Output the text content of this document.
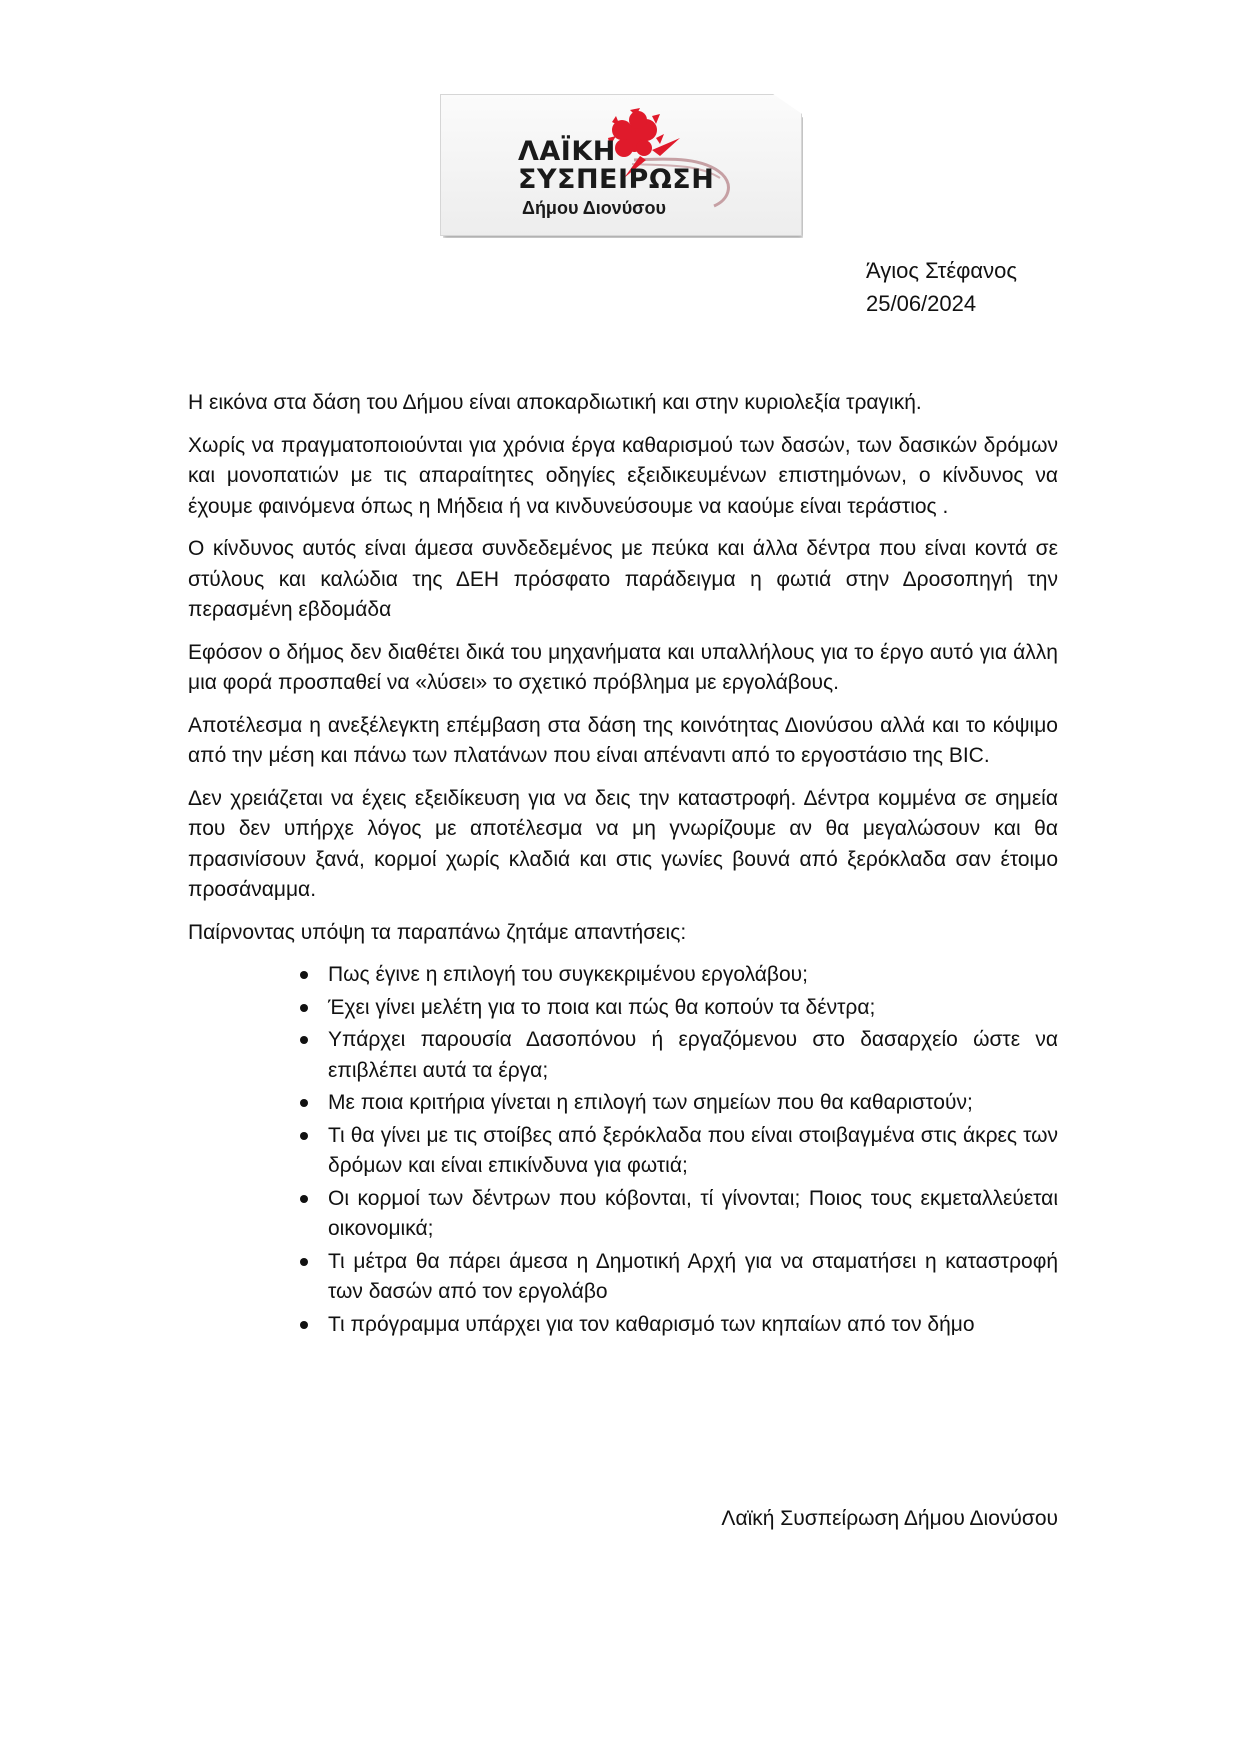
ΛΑΪΚΗ
ΣΥΣΠΕΙΡΩΣΗ
Δήμου Διονύσου
Άγιος Στέφανος
25/06/2024

Η εικόνα στα δάση του Δήμου είναι αποκαρδιωτική και στην κυριολεξία τραγική.

Χωρίς να πραγματοποιούνται για χρόνια έργα καθαρισμού των δασών, των δασικών δρόμων και μονοπατιών με τις απαραίτητες οδηγίες εξειδικευμένων επιστημόνων, ο κίνδυνος να έχουμε φαινόμενα όπως η Μήδεια ή να κινδυνεύσουμε να καούμε είναι τεράστιος .

Ο κίνδυνος αυτός είναι άμεσα συνδεδεμένος με πεύκα και άλλα δέντρα που είναι κοντά σε στύλους και καλώδια της ΔΕΗ πρόσφατο παράδειγμα η φωτιά στην Δροσοπηγή την περασμένη εβδομάδα

Εφόσον ο δήμος δεν διαθέτει δικά του μηχανήματα και υπαλλήλους για το έργο αυτό για άλλη μια φορά προσπαθεί να «λύσει» το σχετικό πρόβλημα με εργολάβους.

Αποτέλεσμα η ανεξέλεγκτη επέμβαση στα δάση της κοινότητας Διονύσου αλλά και το κόψιμο από την μέση και πάνω των πλατάνων που είναι απέναντι από το εργοστάσιο της BIC.

Δεν χρειάζεται να έχεις εξειδίκευση για να δεις την καταστροφή. Δέντρα κομμένα σε σημεία που δεν υπήρχε λόγος με αποτέλεσμα να μη γνωρίζουμε αν θα μεγαλώσουν και θα πρασινίσουν ξανά, κορμοί χωρίς κλαδιά και στις γωνίες βουνά από ξερόκλαδα σαν έτοιμο προσάναμμα.

Παίρνοντας υπόψη τα παραπάνω ζητάμε απαντήσεις:

Πως έγινε η επιλογή του συγκεκριμένου εργολάβου;
Έχει γίνει μελέτη για το ποια και πώς θα κοπούν τα δέντρα;
Υπάρχει παρουσία Δασοπόνου ή εργαζόμενου στο δασαρχείο ώστε να επιβλέπει αυτά τα έργα;
Με ποια κριτήρια γίνεται η επιλογή των σημείων που θα καθαριστούν;
Τι θα γίνει με τις στοίβες από ξερόκλαδα που είναι στοιβαγμένα στις άκρες των δρόμων και είναι επικίνδυνα για φωτιά;
Οι κορμοί των δέντρων που κόβονται, τί γίνονται; Ποιος τους εκμεταλλεύεται οικονομικά;
Τι μέτρα θα πάρει άμεσα η Δημοτική Αρχή για να σταματήσει η καταστροφή των δασών από τον εργολάβο
Τι πρόγραμμα υπάρχει για τον καθαρισμό των κηπαίων από τον δήμο
Λαϊκή Συσπείρωση Δήμου Διονύσου
